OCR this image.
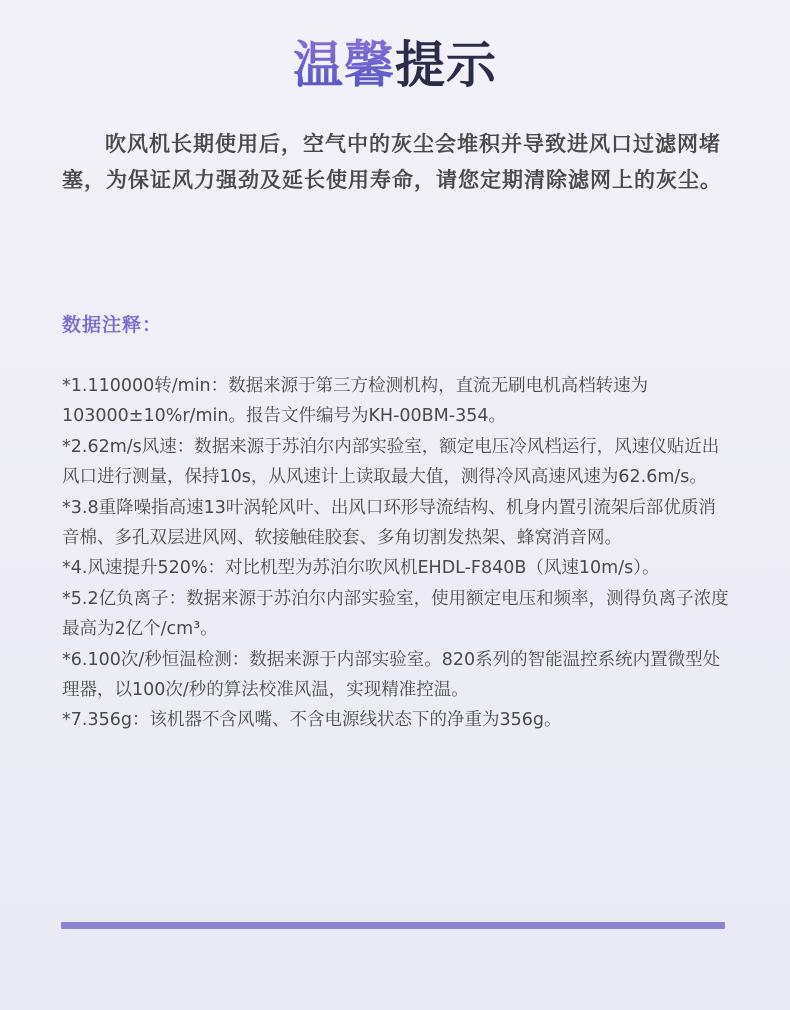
温馨提示

吹风机长期使用后，空气中的灰尘会堆积并导致进风口过滤网堵塞，为保证风力强劲及延长使用寿命，请您定期清除滤网上的灰尘。

数据注释：
*1.110000转/min：数据来源于第三方检测机构，直流无刷电机高档转速为103000±10%r/min。报告文件编号为KH-00BM-354。
*2.62m/s风速：数据来源于苏泊尔内部实验室，额定电压冷风档运行，风速仪贴近出风口进行测量，保持10s，从风速计上读取最大值，测得冷风高速风速为62.6m/s。
*3.8重降噪指高速13叶涡轮风叶、出风口环形导流结构、机身内置引流架后部优质消音棉、多孔双层进风网、软接触硅胶套、多角切割发热架、蜂窝消音网。
*4.风速提升520%：对比机型为苏泊尔吹风机EHDL-F840B（风速10m/s）。
*5.2亿负离子：数据来源于苏泊尔内部实验室，使用额定电压和频率，测得负离子浓度最高为2亿个/cm³。
*6.100次/秒恒温检测：数据来源于内部实验室。820系列的智能温控系统内置微型处理器，以100次/秒的算法校准风温，实现精准控温。
*7.356g：该机器不含风嘴、不含电源线状态下的净重为356g。
